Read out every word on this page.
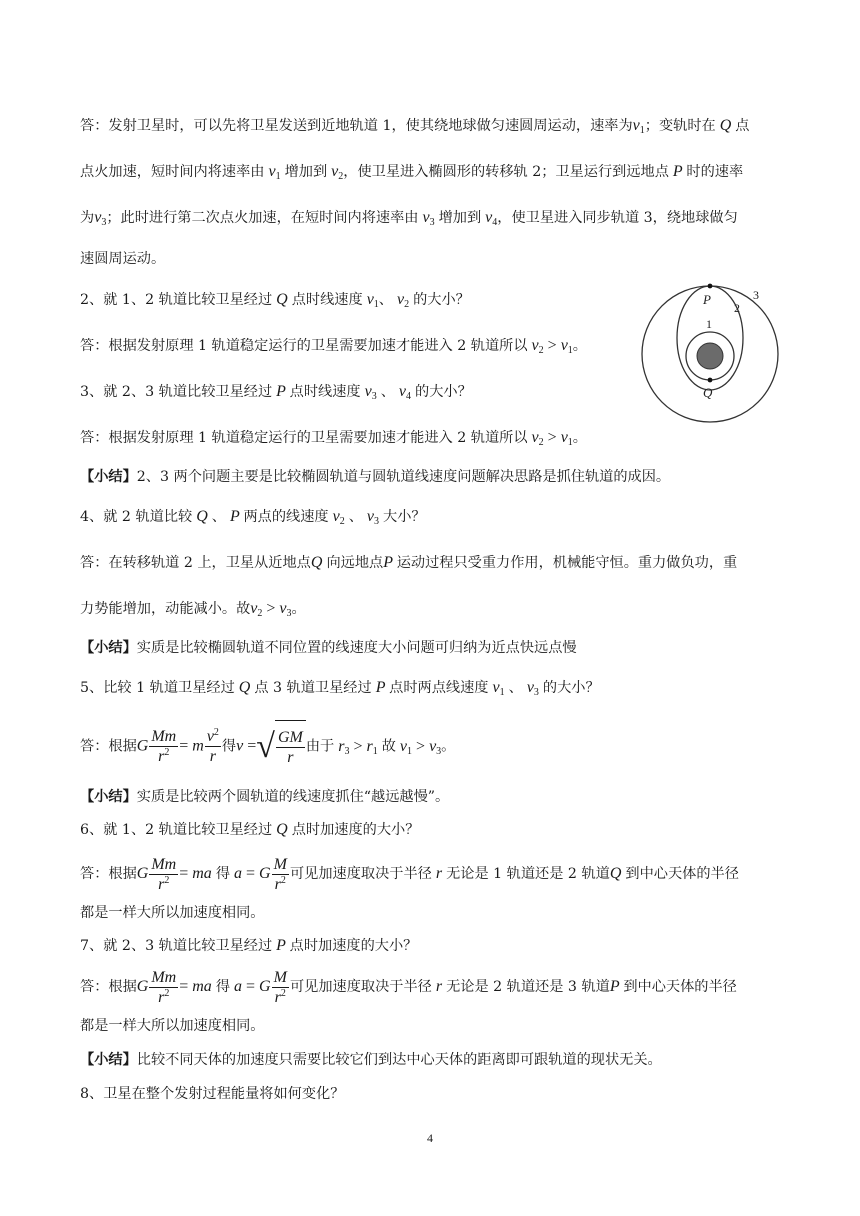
答：发射卫星时，可以先将卫星发送到近地轨道 1，使其绕地球做匀速圆周运动，速率为$v_1$；变轨时在 Q 点
点火加速，短时间内将速率由 $v_1$ 增加到 $v_2$，使卫星进入椭圆形的转移轨 2；卫星运行到远地点 P 时的速率
为$v_3$；此时进行第二次点火加速，在短时间内将速率由 $v_3$ 增加到 $v_4$，使卫星进入同步轨道 3，绕地球做匀
速圆周运动。
2、就 1、2 轨道比较卫星经过 Q 点时线速度 $v_1$、 $v_2$ 的大小？
答：根据发射原理 1 轨道稳定运行的卫星需要加速才能进入 2 轨道所以 $v_2 > v_1$。
3、就 2、3 轨道比较卫星经过 P 点时线速度 $v_3$ 、 $v_4$ 的大小？
答：根据发射原理 1 轨道稳定运行的卫星需要加速才能进入 2 轨道所以 $v_2 > v_1$。
【小结】2、3 两个问题主要是比较椭圆轨道与圆轨道线速度问题解决思路是抓住轨道的成因。
4、就 2 轨道比较 Q 、 P 两点的线速度 $v_2$ 、 $v_3$ 大小？
答：在转移轨道 2 上，卫星从近地点Q 向远地点P 运动过程只受重力作用，机械能守恒。重力做负功，重
力势能增加，动能减小。故$v_2 > v_3$。
【小结】实质是比较椭圆轨道不同位置的线速度大小问题可归纳为近点快远点慢
5、比较 1 轨道卫星经过 Q 点 3 轨道卫星经过 P 点时两点线速度 $v_1$ 、 $v_3$ 的大小？
答：根据G $\frac{Mm}{r^2} = m \frac{v^2}{r}$ 得v =√ $\frac{GM}{r}$ 由于 $r_3 > r_1$ 故 $v_1 > v_3$。
【小结】实质是比较两个圆轨道的线速度抓住“越远越慢”。
6、就 1、2 轨道比较卫星经过 Q 点时加速度的大小？
答：根据G $\frac{Mm}{r^2}$ = ma 得 a = G $\frac{M}{r^2}$ 可见加速度取决于半径 r 无论是 1 轨道还是 2 轨道Q 到中心天体的半径
都是一样大所以加速度相同。
7、就 2、3 轨道比较卫星经过 P 点时加速度的大小？
答：根据G $\frac{Mm}{r^2}$ = ma 得 a = G $\frac{M}{r^2}$ 可见加速度取决于半径 r 无论是 2 轨道还是 3 轨道P 到中心天体的半径
都是一样大所以加速度相同。
【小结】比较不同天体的加速度只需要比较它们到达中心天体的距离即可跟轨道的现状无关。
8、卫星在整个发射过程能量将如何变化？
P
Q
1
2
3
4
